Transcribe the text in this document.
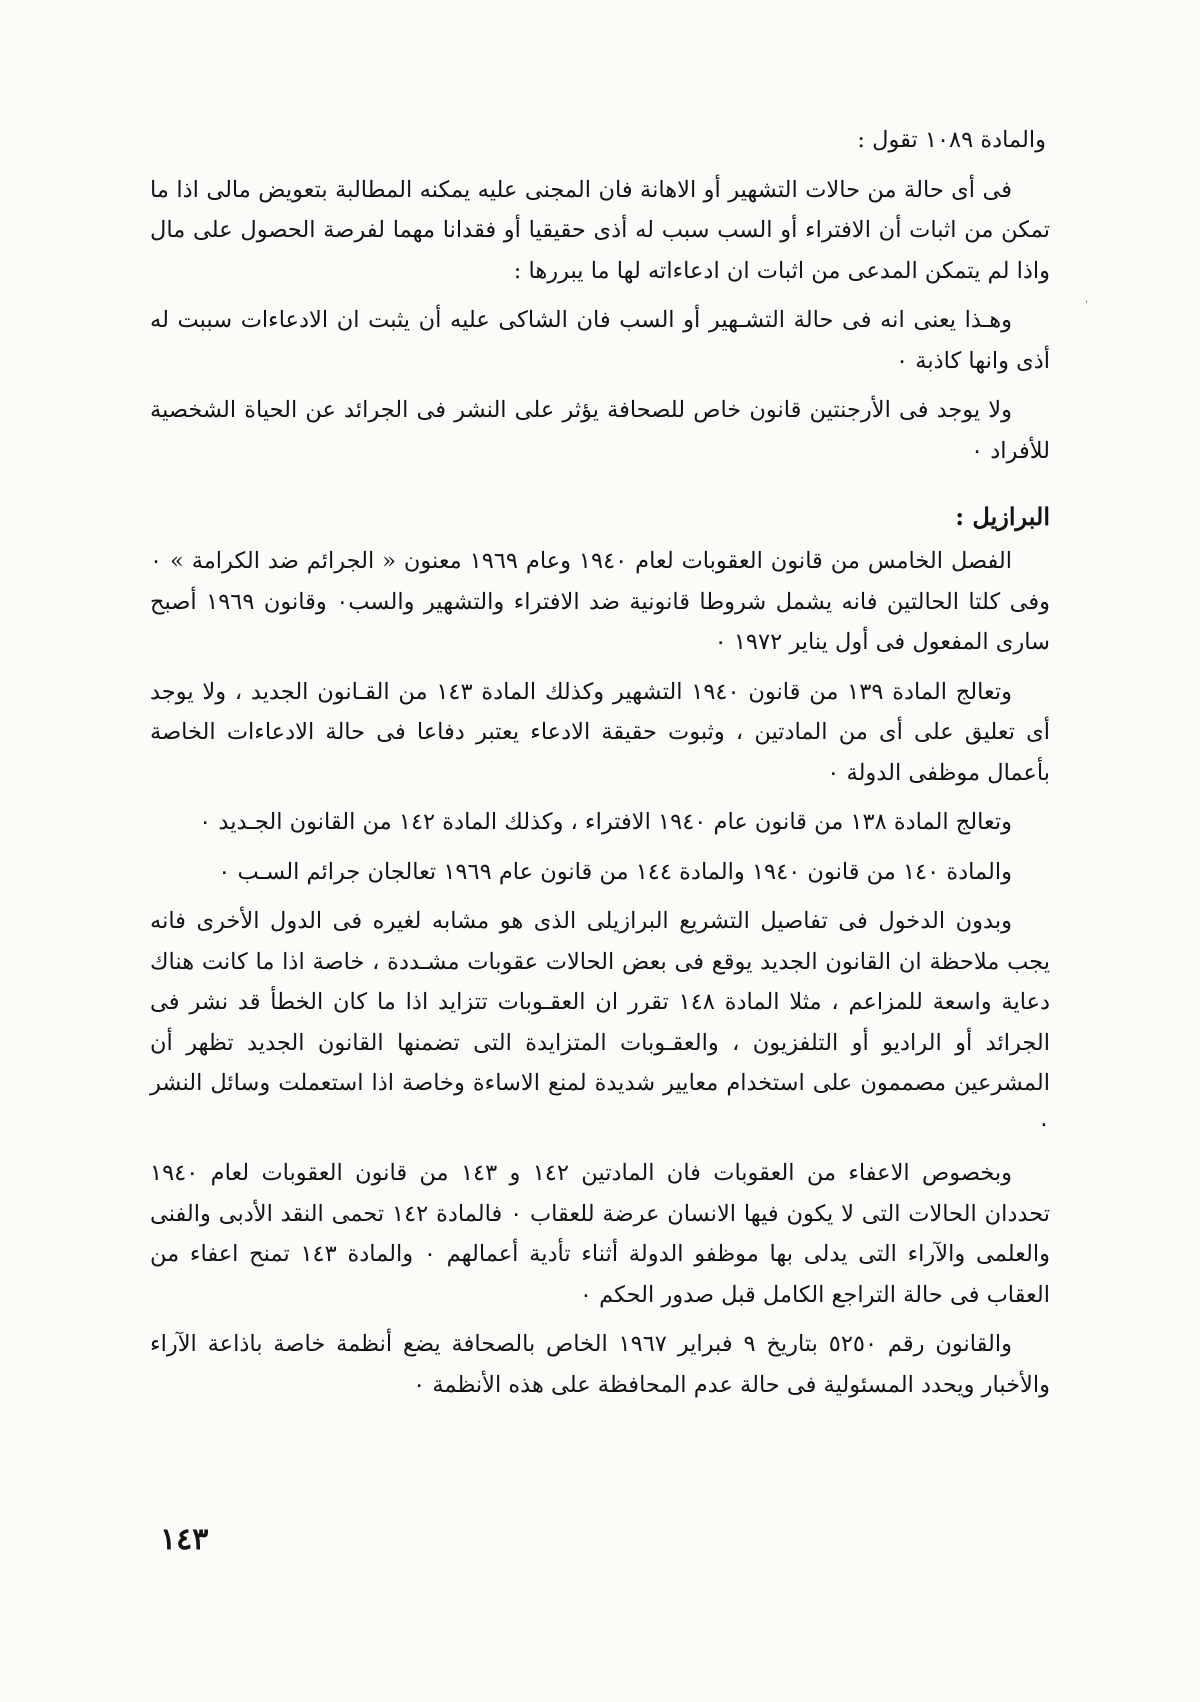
والمادة ١٠٨٩ تقول :

فى أى حالة من حالات التشهير أو الاهانة فان المجنى عليه يمكنه المطالبة بتعويض مالى اذا ما تمكن من اثبات أن الافتراء أو السب سبب له أذى حقيقيا أو فقدانا مهما لفرصة الحصول على مال واذا لم يتمكن المدعى من اثبات ان ادعاءاته لها ما يبررها :

وهـذا يعنى انه فى حالة التشـهير أو السب فان الشاكى عليه أن يثبت ان الادعاءات سببت له أذى وانها كاذبة ٠

ولا يوجد فى الأرجنتين قانون خاص للصحافة يؤثر على النشر فى الجرائد عن الحياة الشخصية للأفراد ٠

البرازيل :

الفصل الخامس من قانون العقوبات لعام ١٩٤٠ وعام ١٩٦٩ معنون « الجرائم ضد الكرامة » ٠ وفى كلتا الحالتين فانه يشمل شروطا قانونية ضد الافتراء والتشهير والسب٠ وقانون ١٩٦٩ أصبح سارى المفعول فى أول يناير ١٩٧٢ ٠

وتعالج المادة ١٣٩ من قانون ١٩٤٠ التشهير وكذلك المادة ١٤٣ من القـانون الجديد ، ولا يوجد أى تعليق على أى من المادتين ، وثبوت حقيقة الادعاء يعتبر دفاعا فى حالة الادعاءات الخاصة بأعمال موظفى الدولة ٠

وتعالج المادة ١٣٨ من قانون عام ١٩٤٠ الافتراء ، وكذلك المادة ١٤٢ من القانون الجـديد ٠

والمادة ١٤٠ من قانون ١٩٤٠ والمادة ١٤٤ من قانون عام ١٩٦٩ تعالجان جرائم السـب ٠

وبدون الدخول فى تفاصيل التشريع البرازيلى الذى هو مشابه لغيره فى الدول الأخرى فانه يجب ملاحظة ان القانون الجديد يوقع فى بعض الحالات عقوبات مشـددة ، خاصة اذا ما كانت هناك دعاية واسعة للمزاعم ، مثلا المادة ١٤٨ تقرر ان العقـوبات تتزايد اذا ما كان الخطأ قد نشر فى الجرائد أو الراديو أو التلفزيون ، والعقـوبات المتزايدة التى تضمنها القانون الجديد تظهر أن المشرعين مصممون على استخدام معايير شديدة لمنع الاساءة وخاصة اذا استعملت وسائل النشر ٠

وبخصوص الاعفاء من العقوبات فان المادتين ١٤٢ و ١٤٣ من قانون العقوبات لعام ١٩٤٠ تحددان الحالات التى لا يكون فيها الانسان عرضة للعقاب ٠ فالمادة ١٤٢ تحمى النقد الأدبى والفنى والعلمى والآراء التى يدلى بها موظفو الدولة أثناء تأدية أعمالهم ٠ والمادة ١٤٣ تمنح اعفاء من العقاب فى حالة التراجع الكامل قبل صدور الحكم ٠

والقانون رقم ٥٢٥٠ بتاريخ ٩ فبراير ١٩٦٧ الخاص بالصحافة يضع أنظمة خاصة باذاعة الآراء والأخبار ويحدد المسئولية فى حالة عدم المحافظة على هذه الأنظمة ٠

١٤٣
